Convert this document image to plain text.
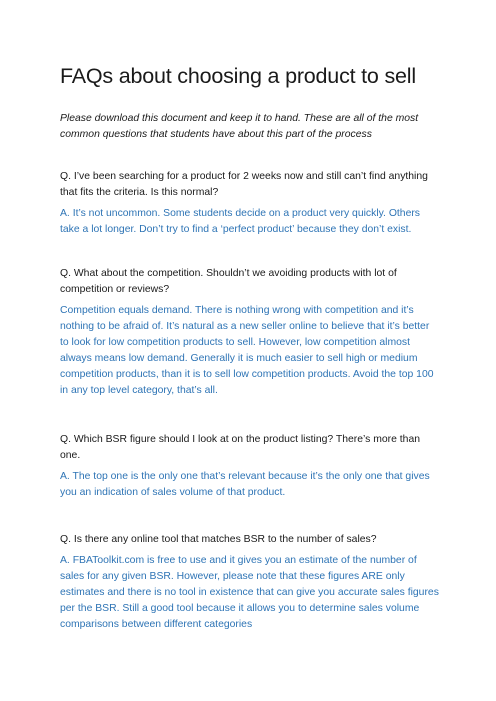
FAQs about choosing a product to sell

Please download this document and keep it to hand. These are all of the most common questions that students have about this part of the process

Q. I’ve been searching for a product for 2 weeks now and still can’t find anything that fits the criteria. Is this normal?

A. It’s not uncommon. Some students decide on a product very quickly. Others take a lot longer. Don’t try to find a ‘perfect product’ because they don’t exist.

Q. What about the competition. Shouldn’t we avoiding products with lot of competition or reviews?

Competition equals demand. There is nothing wrong with competition and it’s nothing to be afraid of. It’s natural as a new seller online to believe that it’s better to look for low competition products to sell. However, low competition almost always means low demand. Generally it is much easier to sell high or medium competition products, than it is to sell low competition products. Avoid the top 100 in any top level category, that’s all.

Q. Which BSR figure should I look at on the product listing? There’s more than one.

A. The top one is the only one that’s relevant because it’s the only one that gives you an indication of sales volume of that product.

Q. Is there any online tool that matches BSR to the number of sales?

A. FBAToolkit.com is free to use and it gives you an estimate of the number of sales for any given BSR. However, please note that these figures ARE only estimates and there is no tool in existence that can give you accurate sales figures per the BSR. Still a good tool because it allows you to determine sales volume comparisons between different categories
